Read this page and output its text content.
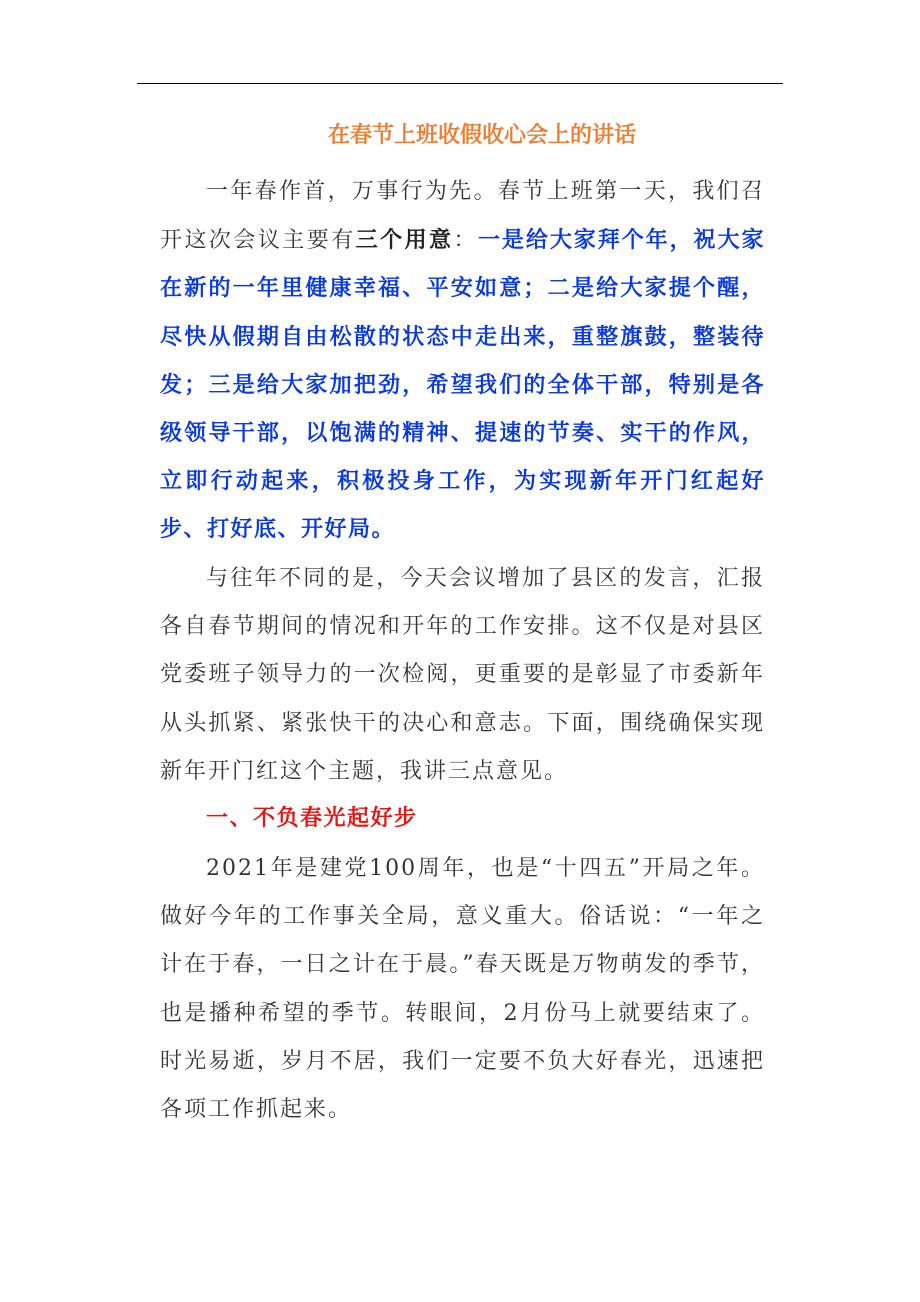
在春节上班收假收心会上的讲话

一年春作首，万事行为先。春节上班第一天，我们召开这次会议主要有三个用意：一是给大家拜个年，祝大家在新的一年里健康幸福、平安如意；二是给大家提个醒，尽快从假期自由松散的状态中走出来，重整旗鼓，整装待发；三是给大家加把劲，希望我们的全体干部，特别是各级领导干部，以饱满的精神、提速的节奏、实干的作风，立即行动起来，积极投身工作，为实现新年开门红起好步、打好底、开好局。

与往年不同的是，今天会议增加了县区的发言，汇报各自春节期间的情况和开年的工作安排。这不仅是对县区党委班子领导力的一次检阅，更重要的是彰显了市委新年从头抓紧、紧张快干的决心和意志。下面，围绕确保实现新年开门红这个主题，我讲三点意见。

一、不负春光起好步

2021年是建党100周年，也是“十四五”开局之年。做好今年的工作事关全局，意义重大。俗话说：“一年之计在于春，一日之计在于晨。”春天既是万物萌发的季节，也是播种希望的季节。转眼间，2月份马上就要结束了。时光易逝，岁月不居，我们一定要不负大好春光，迅速把各项工作抓起来。
